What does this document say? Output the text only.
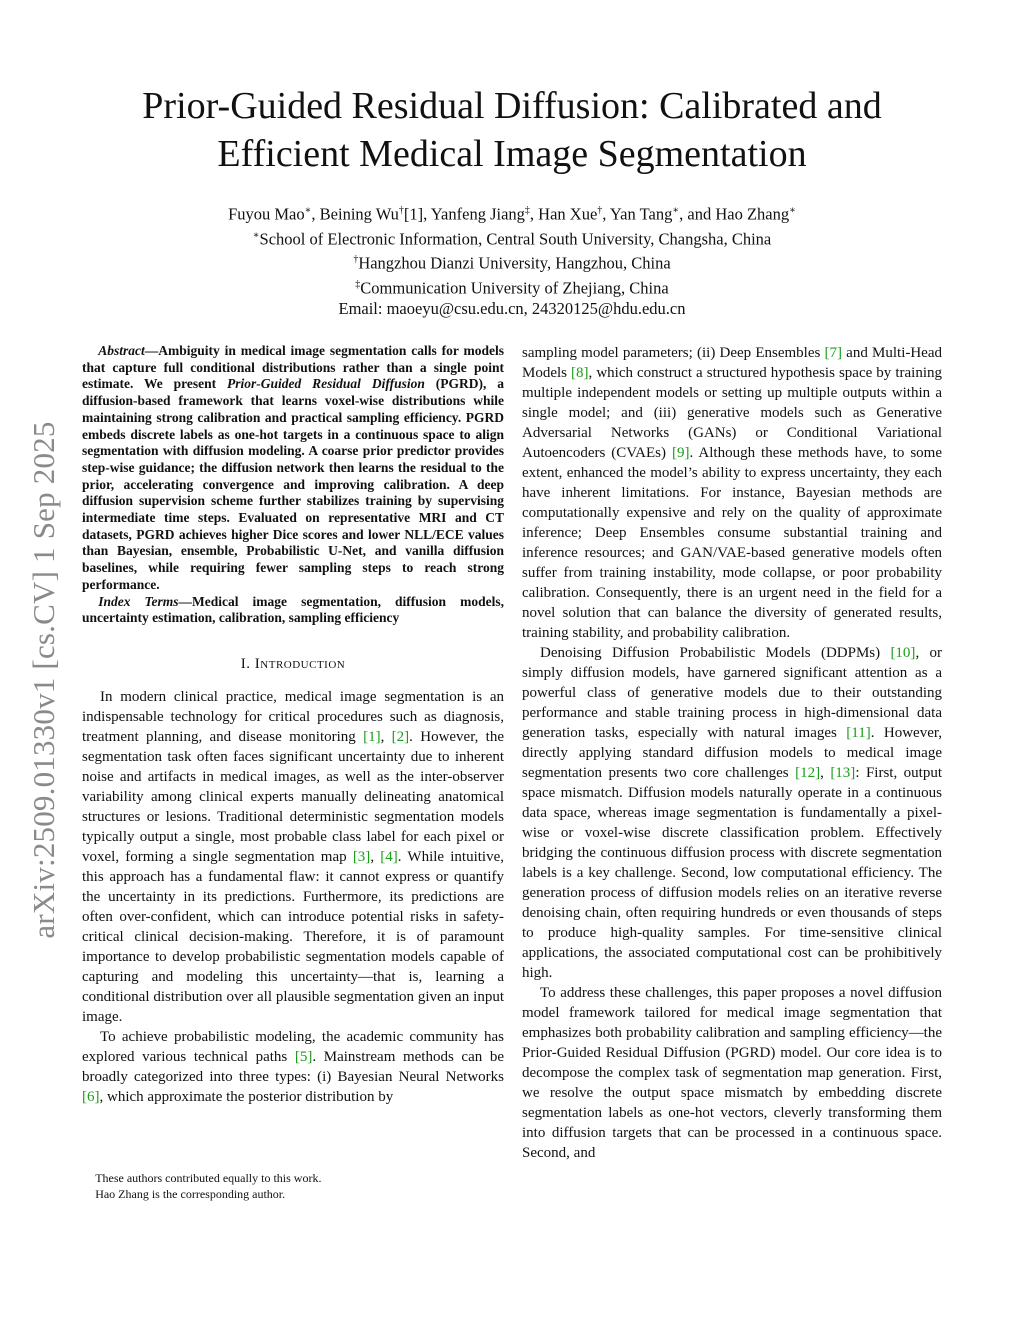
arXiv:2509.01330v1 [cs.CV] 1 Sep 2025
Prior-Guided Residual Diffusion: Calibrated and
Efficient Medical Image Segmentation
Fuyou Mao∗, Beining Wu†[1], Yanfeng Jiang‡, Han Xue†, Yan Tang∗, and Hao Zhang∗
∗School of Electronic Information, Central South University, Changsha, China
†Hangzhou Dianzi University, Hangzhou, China
‡Communication University of Zhejiang, China
Email: maoeyu@csu.edu.cn, 24320125@hdu.edu.cn

Abstract—Ambiguity in medical image segmentation calls for models that capture full conditional distributions rather than a single point estimate. We present Prior-Guided Residual Diffusion (PGRD), a diffusion-based framework that learns voxel-wise distributions while maintaining strong calibration and practical sampling efficiency. PGRD embeds discrete labels as one-hot targets in a continuous space to align segmentation with diffusion modeling. A coarse prior predictor provides step-wise guidance; the diffusion network then learns the residual to the prior, accelerating convergence and improving calibration. A deep diffusion supervision scheme further stabilizes training by supervising intermediate time steps. Evaluated on representative MRI and CT datasets, PGRD achieves higher Dice scores and lower NLL/ECE values than Bayesian, ensemble, Probabilistic U-Net, and vanilla diffusion baselines, while requiring fewer sampling steps to reach strong performance.

Index Terms—Medical image segmentation, diffusion models, uncertainty estimation, calibration, sampling efficiency

I. Introduction

In modern clinical practice, medical image segmentation is an indispensable technology for critical procedures such as diagnosis, treatment planning, and disease monitoring [1], [2]. However, the segmentation task often faces significant uncertainty due to inherent noise and artifacts in medical images, as well as the inter-observer variability among clinical experts manually delineating anatomical structures or lesions. Traditional deterministic segmentation models typically output a single, most probable class label for each pixel or voxel, forming a single segmentation map [3], [4]. While intuitive, this approach has a fundamental flaw: it cannot express or quantify the uncertainty in its predictions. Furthermore, its predictions are often over-confident, which can introduce potential risks in safety-critical clinical decision-making. Therefore, it is of paramount importance to develop probabilistic segmentation models capable of capturing and modeling this uncertainty—that is, learning a conditional distribution over all plausible segmentation given an input image.

To achieve probabilistic modeling, the academic community has explored various technical paths [5]. Mainstream methods can be broadly categorized into three types: (i) Bayesian Neural Networks [6], which approximate the posterior distribution by

These authors contributed equally to this work.
Hao Zhang is the corresponding author.

sampling model parameters; (ii) Deep Ensembles [7] and Multi-Head Models [8], which construct a structured hypothesis space by training multiple independent models or setting up multiple outputs within a single model; and (iii) generative models such as Generative Adversarial Networks (GANs) or Conditional Variational Autoencoders (CVAEs) [9]. Although these methods have, to some extent, enhanced the model’s ability to express uncertainty, they each have inherent limitations. For instance, Bayesian methods are computationally expensive and rely on the quality of approximate inference; Deep Ensembles consume substantial training and inference resources; and GAN/VAE-based generative models often suffer from training instability, mode collapse, or poor probability calibration. Consequently, there is an urgent need in the field for a novel solution that can balance the diversity of generated results, training stability, and probability calibration.

Denoising Diffusion Probabilistic Models (DDPMs) [10], or simply diffusion models, have garnered significant attention as a powerful class of generative models due to their outstanding performance and stable training process in high-dimensional data generation tasks, especially with natural images [11]. However, directly applying standard diffusion models to medical image segmentation presents two core challenges [12], [13]: First, output space mismatch. Diffusion models naturally operate in a continuous data space, whereas image segmentation is fundamentally a pixel-wise or voxel-wise discrete classification problem. Effectively bridging the continuous diffusion process with discrete segmentation labels is a key challenge. Second, low computational efficiency. The generation process of diffusion models relies on an iterative reverse denoising chain, often requiring hundreds or even thousands of steps to produce high-quality samples. For time-sensitive clinical applications, the associated computational cost can be prohibitively high.

To address these challenges, this paper proposes a novel diffusion model framework tailored for medical image segmentation that emphasizes both probability calibration and sampling efficiency—the Prior-Guided Residual Diffusion (PGRD) model. Our core idea is to decompose the complex task of segmentation map generation. First, we resolve the output space mismatch by embedding discrete segmentation labels as one-hot vectors, cleverly transforming them into diffusion targets that can be processed in a continuous space. Second, and
